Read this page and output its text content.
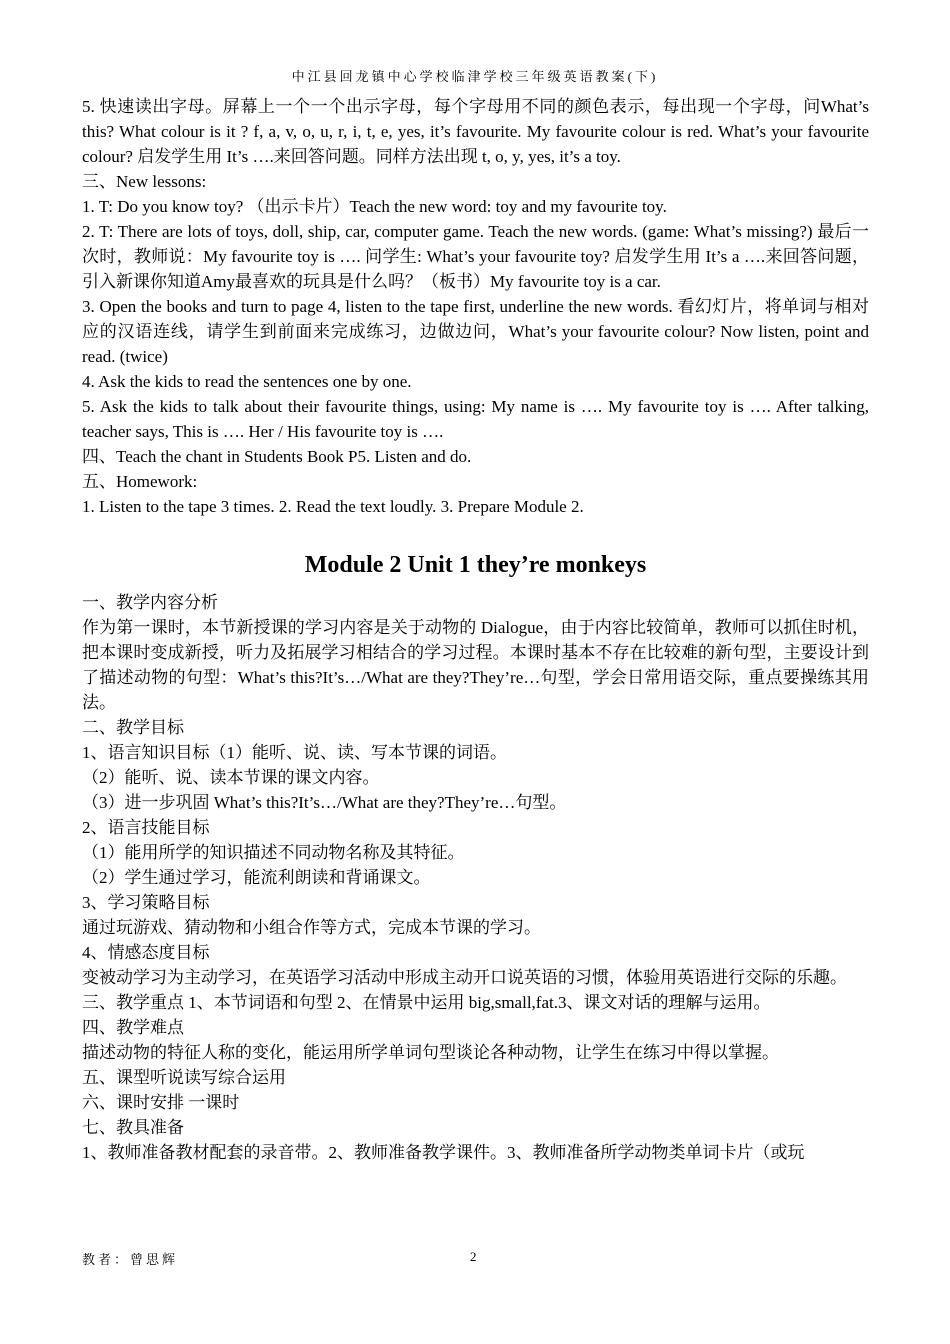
中江县回龙镇中心学校临津学校三年级英语教案(下)

5. 快速读出字母。屏幕上一个一个出示字母，每个字母用不同的颜色表示，每出现一个字母，问What’s this? What colour is it ? f, a, v, o, u, r, i, t, e, yes, it’s favourite. My favourite colour is red. What’s your favourite colour? 启发学生用 It’s ….来回答问题。同样方法出现 t, o, y, yes, it’s a toy.

三、New lessons:

1. T: Do you know toy? （出示卡片）Teach the new word: toy and my favourite toy.

2. T: There are lots of toys, doll, ship, car, computer game. Teach the new words. (game: What’s missing?) 最后一次时，教师说：My favourite toy is …. 问学生: What’s your favourite toy? 启发学生用 It’s a ….来回答问题，引入新课你知道Amy最喜欢的玩具是什么吗？（板书）My favourite toy is a car.

3. Open the books and turn to page 4, listen to the tape first, underline the new words. 看幻灯片，将单词与相对应的汉语连线，请学生到前面来完成练习，边做边问，What’s your favourite colour? Now listen, point and read. (twice)

4. Ask the kids to read the sentences one by one.

5. Ask the kids to talk about their favourite things, using: My name is …. My favourite toy is …. After talking, teacher says, This is …. Her / His favourite toy is ….

四、Teach the chant in Students Book P5. Listen and do.

五、Homework:

1. Listen to the tape 3 times. 2. Read the text loudly. 3. Prepare Module 2.

Module 2 Unit 1 they’re monkeys

一、教学内容分析

作为第一课时，本节新授课的学习内容是关于动物的 Dialogue，由于内容比较简单，教师可以抓住时机，把本课时变成新授，听力及拓展学习相结合的学习过程。本课时基本不存在比较难的新句型，主要设计到了描述动物的句型：What’s this?It’s…/What are they?They’re…句型，学会日常用语交际，重点要操练其用法。

二、教学目标

1、语言知识目标（1）能听、说、读、写本节课的词语。

（2）能听、说、读本节课的课文内容。

（3）进一步巩固 What’s this?It’s…/What are they?They’re…句型。

2、语言技能目标

（1）能用所学的知识描述不同动物名称及其特征。

（2）学生通过学习，能流利朗读和背诵课文。

3、学习策略目标

通过玩游戏、猜动物和小组合作等方式，完成本节课的学习。

4、情感态度目标

变被动学习为主动学习，在英语学习活动中形成主动开口说英语的习惯，体验用英语进行交际的乐趣。

三、教学重点 1、本节词语和句型 2、在情景中运用 big,small,fat.3、课文对话的理解与运用。

四、教学难点

描述动物的特征人称的变化，能运用所学单词句型谈论各种动物，让学生在练习中得以掌握。

五、课型听说读写综合运用

六、课时安排 一课时

七、教具准备

1、教师准备教材配套的录音带。2、教师准备教学课件。3、教师准备所学动物类单词卡片（或玩

教者：曾思辉	2
